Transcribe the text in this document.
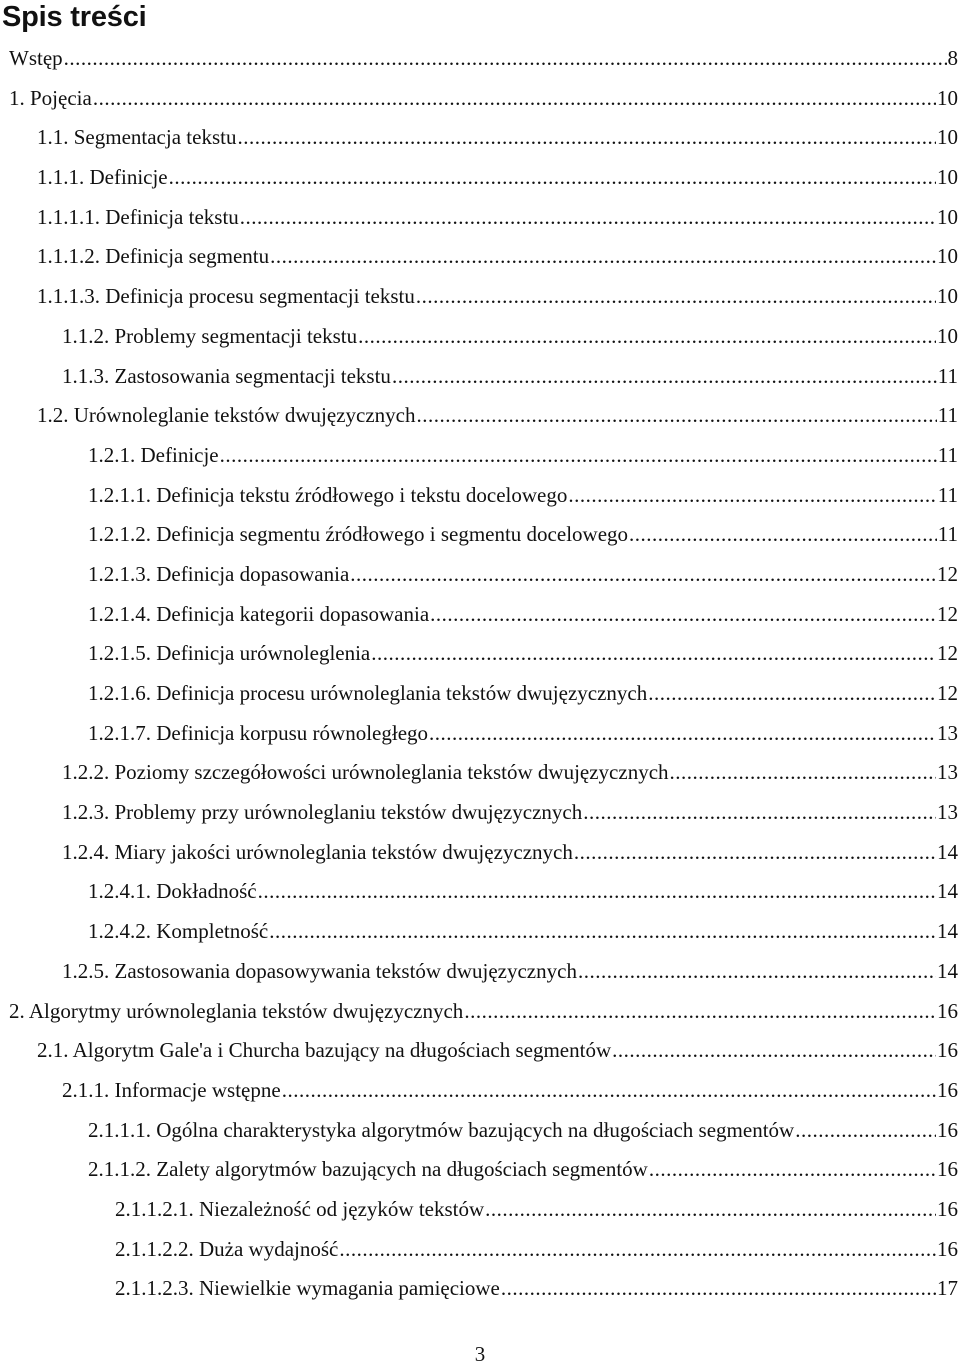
Spis treści
Wstęp .....	8
1. Pojęcia .....	10
1.1. Segmentacja tekstu .....	10
1.1.1. Definicje .....	10
1.1.1.1. Definicja tekstu .....	10
1.1.1.2. Definicja segmentu .....	10
1.1.1.3. Definicja procesu segmentacji tekstu .....	10
1.1.2. Problemy segmentacji tekstu .....	10
1.1.3. Zastosowania segmentacji tekstu .....	11
1.2. Urównoleglanie tekstów dwujęzycznych .....	11
1.2.1. Definicje .....	11
1.2.1.1. Definicja tekstu źródłowego i tekstu docelowego .....	11
1.2.1.2. Definicja segmentu źródłowego i segmentu docelowego .....	11
1.2.1.3. Definicja dopasowania .....	12
1.2.1.4. Definicja kategorii dopasowania .....	12
1.2.1.5. Definicja urównoleglenia .....	12
1.2.1.6. Definicja procesu urównoleglania tekstów dwujęzycznych .....	12
1.2.1.7. Definicja korpusu równoległego .....	13
1.2.2. Poziomy szczegółowości urównoleglania tekstów dwujęzycznych .....	13
1.2.3. Problemy przy urównoleglaniu tekstów dwujęzycznych .....	13
1.2.4. Miary jakości urównoleglania tekstów dwujęzycznych .....	14
1.2.4.1. Dokładność .....	14
1.2.4.2. Kompletność .....	14
1.2.5. Zastosowania dopasowywania tekstów dwujęzycznych .....	14
2. Algorytmy urównoleglania tekstów dwujęzycznych .....	16
2.1. Algorytm Gale'a i Churcha bazujący na długościach segmentów .....	16
2.1.1. Informacje wstępne .....	16
2.1.1.1. Ogólna charakterystyka algorytmów bazujących na długościach segmentów .....	16
2.1.1.2. Zalety algorytmów bazujących na długościach segmentów .....	16
2.1.1.2.1. Niezależność od języków tekstów .....	16
2.1.1.2.2. Duża wydajność .....	16
2.1.1.2.3. Niewielkie wymagania pamięciowe .....	17
3
